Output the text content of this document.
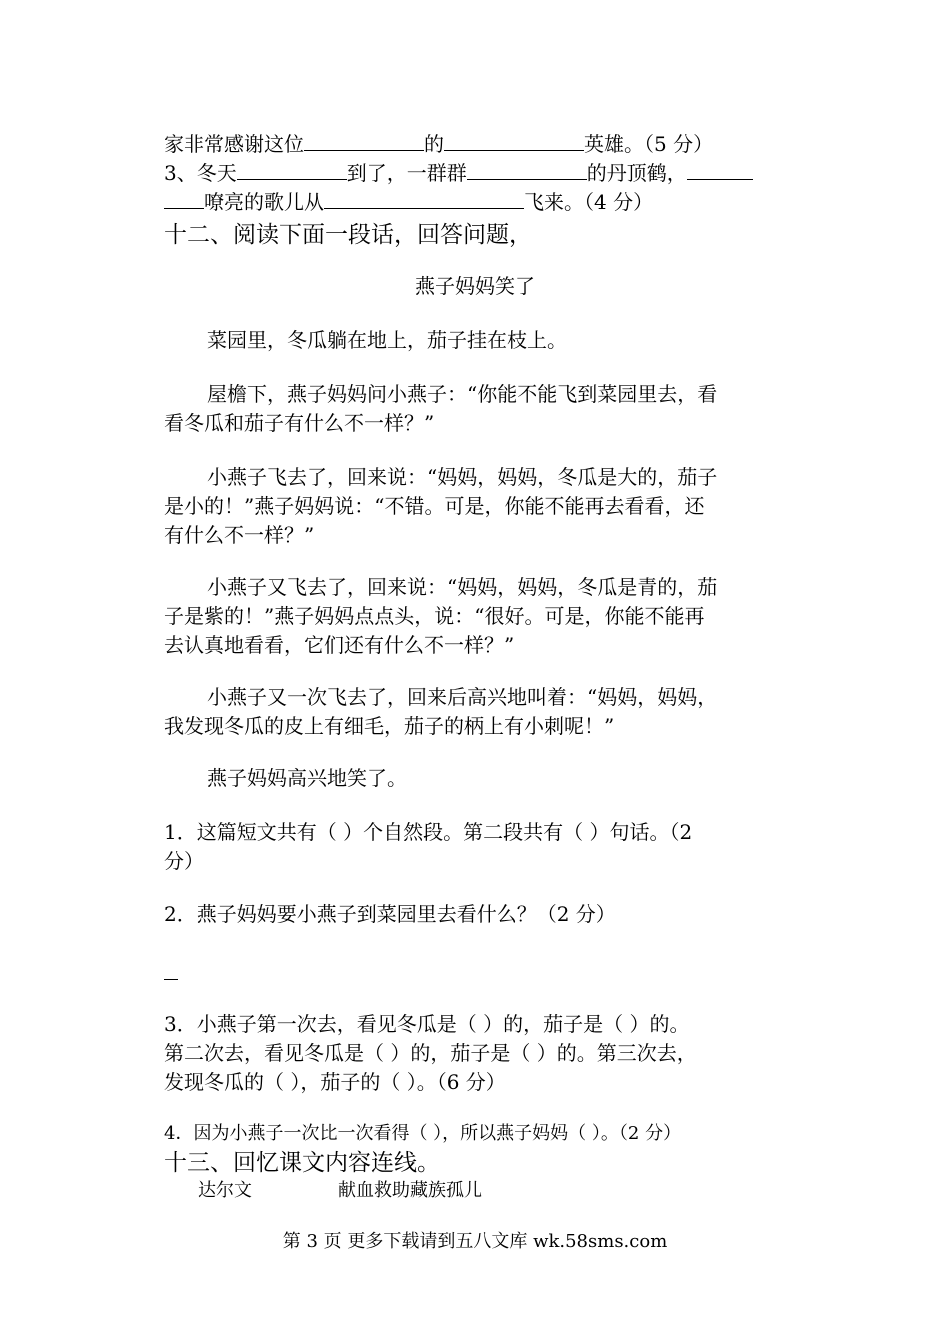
家非常感谢这位	的	英雄。（5 分）
3、冬天	到了，一群群	的丹顶鹤，
嘹亮的歌儿从	飞来。（4 分）
十二、阅读下面一段话，回答问题，
燕子妈妈笑了
菜园里，冬瓜躺在地上，茄子挂在枝上。
屋檐下，燕子妈妈问小燕子：“你能不能飞到菜园里去，看
看冬瓜和茄子有什么不一样？”
小燕子飞去了，回来说：“妈妈，妈妈，冬瓜是大的，茄子
是小的！”燕子妈妈说：“不错。可是，你能不能再去看看，还
有什么不一样？”
小燕子又飞去了，回来说：“妈妈，妈妈，冬瓜是青的，茄
子是紫的！”燕子妈妈点点头，说：“很好。可是，你能不能再
去认真地看看，它们还有什么不一样？”
小燕子又一次飞去了，回来后高兴地叫着：“妈妈，妈妈，
我发现冬瓜的皮上有细毛，茄子的柄上有小刺呢！”
燕子妈妈高兴地笑了。
1．这篇短文共有（ ）个自然段。第二段共有（ ）句话。（2
分）
2．燕子妈妈要小燕子到菜园里去看什么？（2 分）
3．小燕子第一次去，看见冬瓜是（ ）的，茄子是（ ）的。
第二次去，看见冬瓜是（ ）的，茄子是（ ）的。第三次去，
发现冬瓜的（ ），茄子的（ ）。（6 分）
4．因为小燕子一次比一次看得（ ），所以燕子妈妈（ ）。（2 分）
十三、回忆课文内容连线。
达尔文	献血救助藏族孤儿
第 3 页 更多下载请到五八文库 wk.58sms.com
